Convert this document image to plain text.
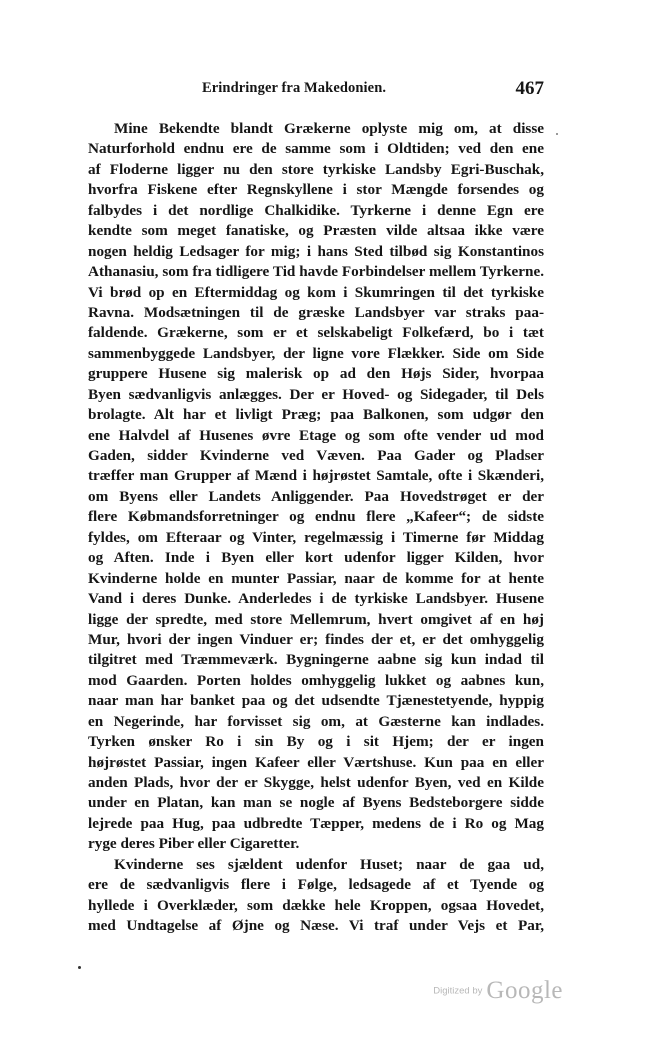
Erindringer fra Makedonien.	467
Mine Bekendte blandt Grækerne oplyste mig om, at disse
Naturforhold endnu ere de samme som i Oldtiden; ved den ene
af Floderne ligger nu den store tyrkiske Landsby Egri-Buschak,
hvorfra Fiskene efter Regnskyllene i stor Mængde forsendes og
falbydes i det nordlige Chalkidike. Tyrkerne i denne Egn ere
kendte som meget fanatiske, og Præsten vilde altsaa ikke være
nogen heldig Ledsager for mig; i hans Sted tilbød sig Konstantinos
Athanasiu, som fra tidligere Tid havde Forbindelser mellem Tyrkerne.
Vi brød op en Eftermiddag og kom i Skumringen til det tyrkiske
Ravna. Modsætningen til de græske Landsbyer var straks paa-
faldende. Grækerne, som er et selskabeligt Folkefærd, bo i tæt
sammenbyggede Landsbyer, der ligne vore Flækker. Side om Side
gruppere Husene sig malerisk op ad den Højs Sider, hvorpaa
Byen sædvanligvis anlægges. Der er Hoved- og Sidegader, til Dels
brolagte. Alt har et livligt Præg; paa Balkonen, som udgør den
ene Halvdel af Husenes øvre Etage og som ofte vender ud mod
Gaden, sidder Kvinderne ved Væven. Paa Gader og Pladser
træffer man Grupper af Mænd i højrøstet Samtale, ofte i Skænderi,
om Byens eller Landets Anliggender. Paa Hovedstrøget er der
flere Købmandsforretninger og endnu flere „Kafeer“; de sidste
fyldes, om Efteraar og Vinter, regelmæssig i Timerne før Middag
og Aften. Inde i Byen eller kort udenfor ligger Kilden, hvor
Kvinderne holde en munter Passiar, naar de komme for at hente
Vand i deres Dunke. Anderledes i de tyrkiske Landsbyer. Husene
ligge der spredte, med store Mellemrum, hvert omgivet af en høj
Mur, hvori der ingen Vinduer er; findes der et, er det omhyggelig
tilgitret med Træmmeværk. Bygningerne aabne sig kun indad til
mod Gaarden. Porten holdes omhyggelig lukket og aabnes kun,
naar man har banket paa og det udsendte Tjænestetyende, hyppig
en Negerinde, har forvisset sig om, at Gæsterne kan indlades.
Tyrken ønsker Ro i sin By og i sit Hjem; der er ingen
højrøstet Passiar, ingen Kafeer eller Værtshuse. Kun paa en eller
anden Plads, hvor der er Skygge, helst udenfor Byen, ved en Kilde
under en Platan, kan man se nogle af Byens Bedsteborgere sidde
lejrede paa Hug, paa udbredte Tæpper, medens de i Ro og Mag
ryge deres Piber eller Cigaretter.
Kvinderne ses sjældent udenfor Huset; naar de gaa ud,
ere de sædvanligvis flere i Følge, ledsagede af et Tyende og
hyllede i Overklæder, som dække hele Kroppen, ogsaa Hovedet,
med Undtagelse af Øjne og Næse. Vi traf under Vejs et Par,
Digitized by Google
